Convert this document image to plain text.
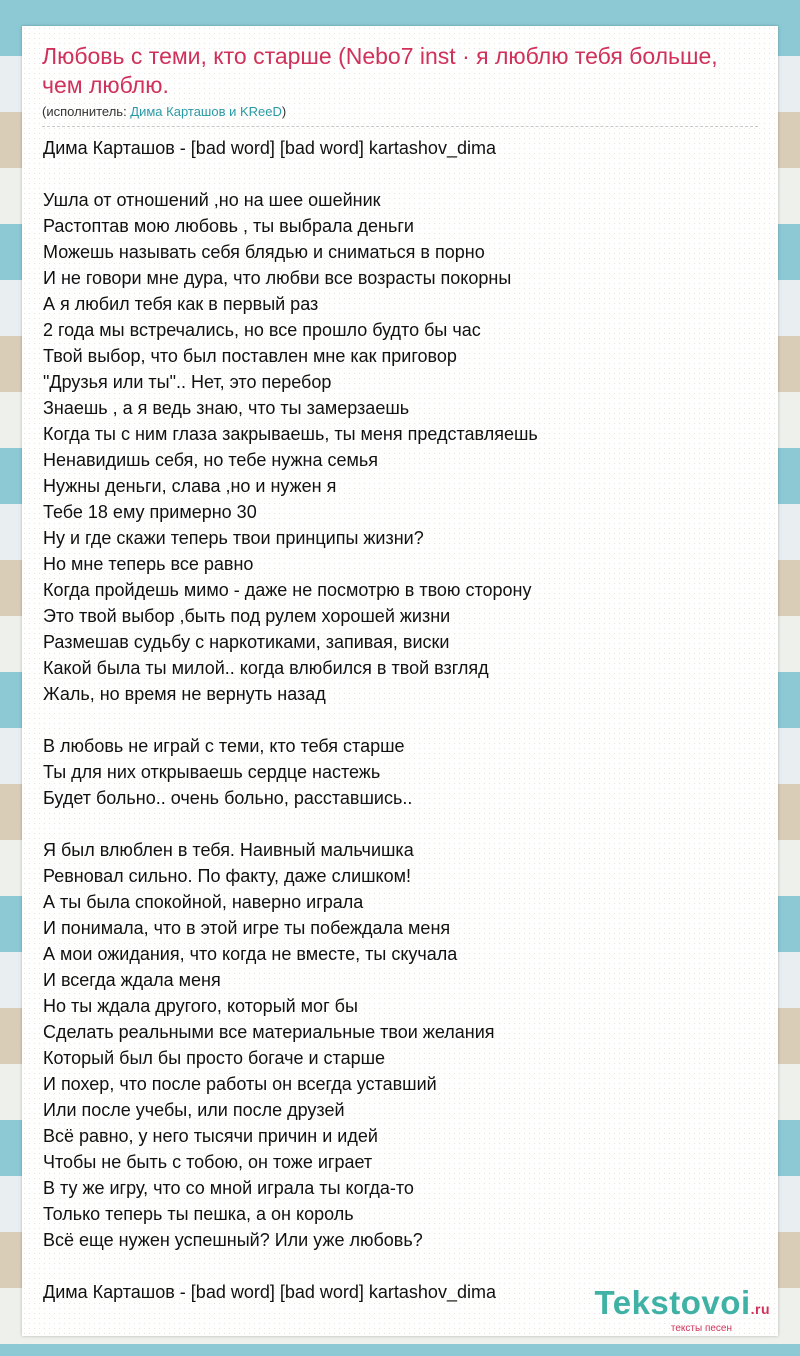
Любовь с теми, кто старше (Nebo7 inst · я люблю тебя больше, чем люблю.
(исполнитель: Дима Карташов и KReeD)
Дима Карташов - [bad word] [bad word] kartashov_dima
Ушла от отношений ,но на шее ошейник
Растоптав мою любовь , ты выбрала деньги
Можешь называть себя блядью и сниматься в порно
И не говори мне дура, что любви все возрасты покорны
А я любил тебя как в первый раз
2 года мы встречались, но все прошло будто бы час
Твой выбор, что был поставлен мне как приговор
"Друзья или ты".. Нет, это перебор
Знаешь , а я ведь знаю, что ты замерзаешь
Когда ты с ним глаза закрываешь, ты меня представляешь
Ненавидишь себя, но тебе нужна семья
Нужны деньги, слава ,но и нужен я
Тебе 18 ему примерно 30
Ну и где скажи теперь твои принципы жизни?
Но мне теперь все равно
Когда пройдешь мимо - даже не посмотрю в твою сторону
Это твой выбор ,быть под рулем хорошей жизни
Размешав судьбу с наркотиками, запивая, виски
Какой была ты милой.. когда влюбился в твой взгляд
Жаль, но время не вернуть назад
В любовь не играй с теми, кто тебя старше
Ты для них открываешь сердце настежь
Будет больно.. очень больно, расставшись..
Я был влюблен в тебя. Наивный мальчишка
Ревновал сильно. По факту, даже слишком!
А ты была спокойной, наверно играла
И понимала, что в этой игре ты побеждала меня
А мои ожидания, что когда не вместе, ты скучала
И всегда ждала меня
Но ты ждала другого, который мог бы
Сделать реальными все материальные твои желания
Который был бы просто богаче и старше
И похер, что после работы он всегда уставший
Или после учебы, или после друзей
Всё равно, у него тысячи причин и идей
Чтобы не быть с тобою, он тоже играет
В ту же игру, что со мной играла ты когда-то
Только теперь ты пешка, а он король
Всё еще нужен успешный? Или уже любовь?
Дима Карташов - [bad word] [bad word] kartashov_dima	Tekstovoi.ru
тексты песен
